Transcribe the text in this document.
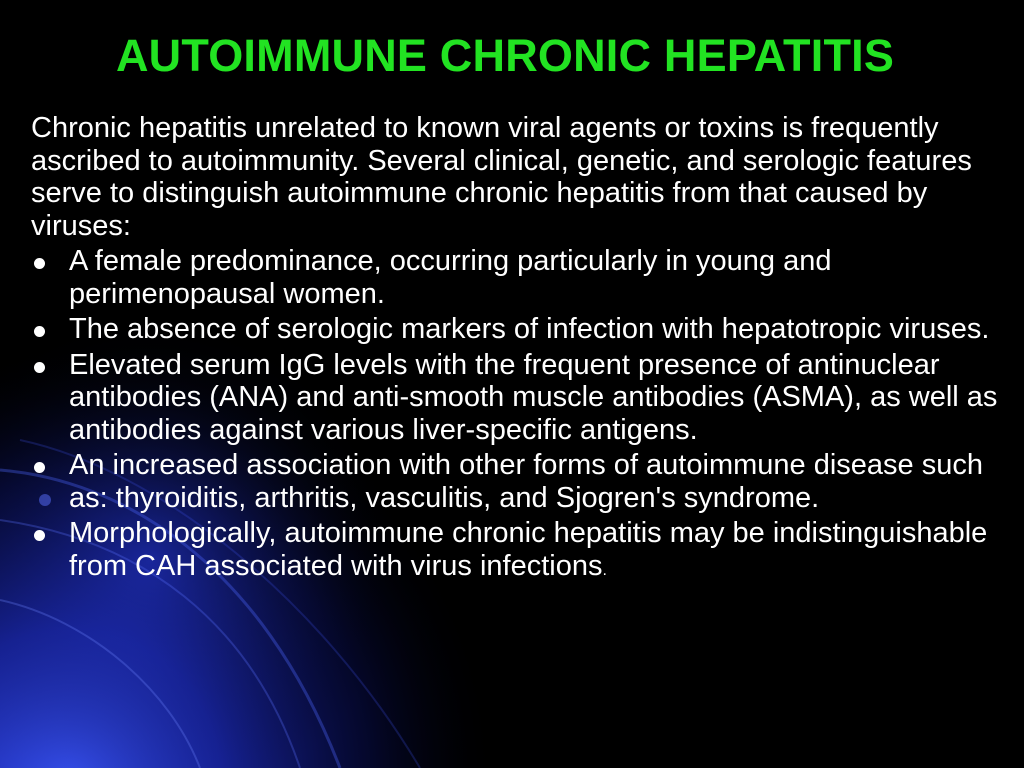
AUTOIMMUNE CHRONIC HEPATITIS

Chronic hepatitis unrelated to known viral agents or toxins is frequently ascribed to autoimmunity. Several clinical, genetic, and serologic features serve to distinguish autoimmune chronic hepatitis from that caused by viruses:

A female predominance, occurring particularly in young and perimenopausal women.
The absence of serologic markers of infection with hepatotropic viruses.
Elevated serum IgG levels with the frequent presence of antinuclear antibodies (ANA) and anti-smooth muscle antibodies (ASMA), as well as antibodies against various liver-specific antigens.
An increased association with other forms of autoimmune disease such as: thyroiditis, arthritis, vasculitis, and Sjogren's syndrome.
Morphologically, autoimmune chronic hepatitis may be indistinguishable from CAH associated with virus infections.
